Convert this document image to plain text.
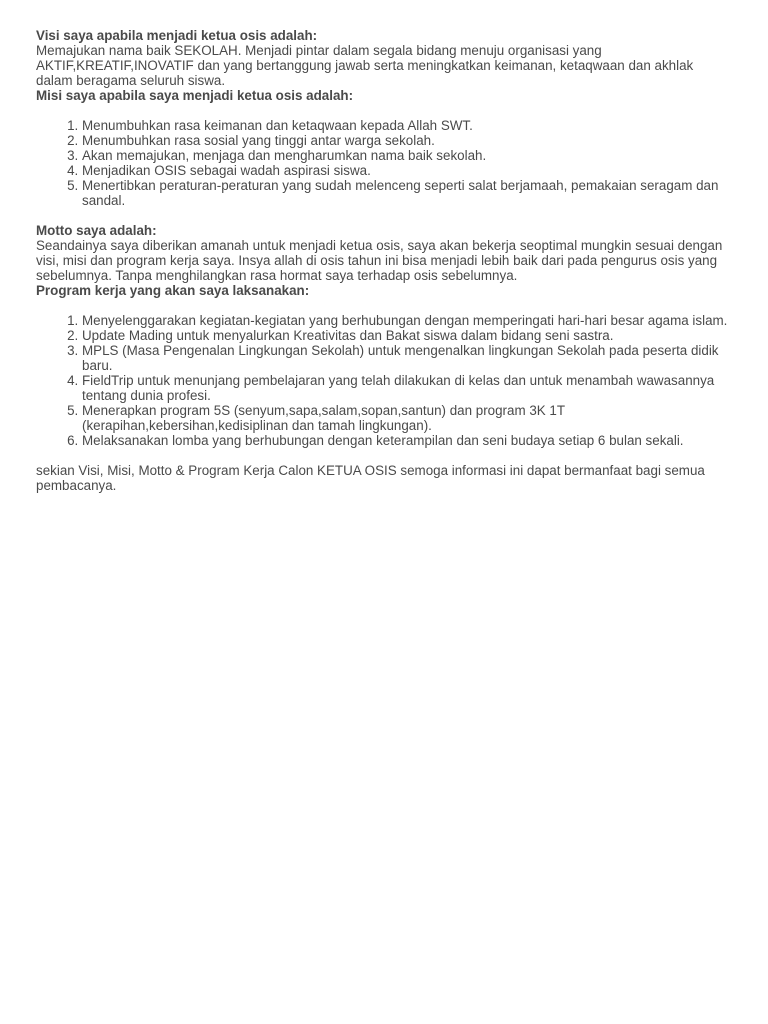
Visi saya apabila menjadi ketua osis adalah:

Memajukan nama baik SEKOLAH. Menjadi pintar dalam segala bidang menuju organisasi yang AKTIF,KREATIF,INOVATIF dan yang bertanggung jawab serta meningkatkan keimanan, ketaqwaan dan akhlak dalam beragama seluruh siswa.

Misi saya apabila saya menjadi ketua osis adalah:

1. Menumbuhkan rasa keimanan dan ketaqwaan kepada Allah SWT.
2. Menumbuhkan rasa sosial yang tinggi antar warga sekolah.
3. Akan memajukan, menjaga dan mengharumkan nama baik sekolah.
4. Menjadikan OSIS sebagai wadah aspirasi siswa.
5. Menertibkan peraturan-peraturan yang sudah melenceng seperti salat berjamaah, pemakaian seragam dan sandal.

Motto saya adalah:

Seandainya saya diberikan amanah untuk menjadi ketua osis, saya akan bekerja seoptimal mungkin sesuai dengan visi, misi dan program kerja saya. Insya allah di osis tahun ini bisa menjadi lebih baik dari pada pengurus osis yang sebelumnya. Tanpa menghilangkan rasa hormat saya terhadap osis sebelumnya.

Program kerja yang akan saya laksanakan:

1. Menyelenggarakan kegiatan-kegiatan yang berhubungan dengan memperingati hari-hari besar agama islam.
2. Update Mading untuk menyalurkan Kreativitas dan Bakat siswa dalam bidang seni sastra.
3. MPLS (Masa Pengenalan Lingkungan Sekolah) untuk mengenalkan lingkungan Sekolah pada peserta didik baru.
4. FieldTrip untuk menunjang pembelajaran yang telah dilakukan di kelas dan untuk menambah wawasannya tentang dunia profesi.
5. Menerapkan program 5S (senyum,sapa,salam,sopan,santun) dan program 3K 1T (kerapihan,kebersihan,kedisiplinan dan tamah lingkungan).
6. Melaksanakan lomba yang berhubungan dengan keterampilan dan seni budaya setiap 6 bulan sekali.

sekian Visi, Misi, Motto & Program Kerja Calon KETUA OSIS semoga informasi ini dapat bermanfaat bagi semua pembacanya.
